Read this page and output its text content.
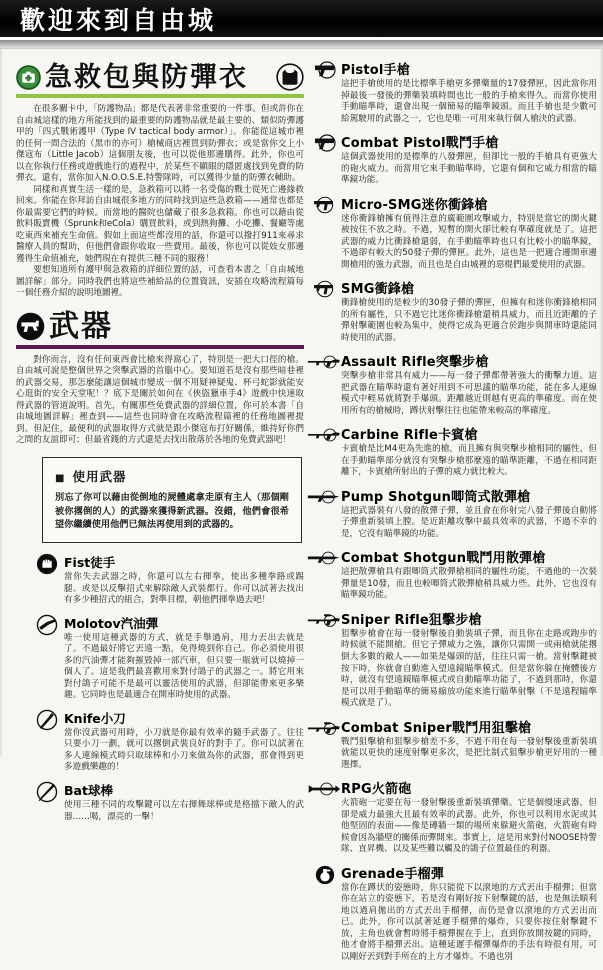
歡迎來到自由城
急救包與防彈衣

在很多關卡中，「防護物品」都是代表著非常重要的一件事。但或許你在自由城這樣的地方所能找到的最重要的防護物品就是最主要的、類似防彈護甲的「四式戰術護甲（Type IV tactical body armor）」。你能從這城市裡的任何一間合法的（黑市的亦可）槍械商店裡買到防彈衣；或是當你交上小傑寇布（Little Jacob）這個朋友後，也可以從他那邊購得。此外，你也可以在你執行任務或遊戲進行的過程中，於某些不顯眼的隱匿處找到免費的防彈衣。還有，當你加入N.O.O.S.E.特警隊時，可以獲得少量的防彈衣輔助。

同樣和真實生活一樣的是，急救箱可以將一名受傷的戰士從死亡邊緣救回來。你能在你拜訪自由城很多地方的同時找到這些急救箱——通常也都是你最需要它們的時候。而當地的醫院也儲藏了很多急救箱。你也可以藉由從飲料販賣機（Sprunk和eCola）購買飲料，或到熱狗攤、小吃攤、餐廳等處吃東西來補充生命值。假如上面這些都沒用的話，你還可以撥打911來尋求醫療人員的幫助，但他們會跟你收取一些費用。最後，你也可以從妓女那邊獲得生命值補充，她們現在有提供三種不同的服務！

要想知道所有護甲與急救箱的詳細位置的話，可查看本書之「自由城地圖詳解」部分。同時我們也將這些補給品的位置資訊，安插在攻略流程篇每一個任務介紹的說明地圖裡。

武器

對你而言，沒有任何東西會比槍來得窩心了，特別是一把大口徑的槍。自由城可說是整個世界之突擊武器的首腦中心。要知道若是沒有那些暗巷裡的武器交易，那怎麼能讓這個城市變成一個不用疑神疑鬼、杯弓蛇影就能安心逛街的安全天堂呢！？底下是關於如何在《俠盜獵車手4》遊戲中快速取得武器的管道說明。首先，有關那些免費武器的詳細位置，你可於本書「自由城地圖詳解」裡查到——這些也同時會在攻略流程篇裡的任務地圖裡提到。但記住，最便利的武器取得方式就是跟小傑寇布打好關係，維持好你們之間的友誼即可；但最省錢的方式還是去找出散落於各地的免費武器吧！

■ 使用武器

別忘了你可以藉由從倒地的屍體處拿走原有主人（那個剛被你撂倒的人）的武器來獲得新武器。沒錯，他們會很希望你繼續使用他們已無法再使用到的武器的。

Fist徒手

當你失去武器之時，你還可以左右揮拳，使出多種拳路或踢腿、或是以反擊招式來解除敵人武裝都行。你可以試著去找出有多少種招式的組合，對準目標，朝他們揮拳過去吧！

Molotov汽油彈

唯一使用這種武器的方式，就是手舉過肩，用力丟出去就是了。不過最好將它丟遠一點，免得燒到你自己。你必須使用很多的汽油彈才能夠摧毀掉一部汽車，但只要一瓶就可以燒掉一個人了。這是我們最喜歡用來對付鴿子的武器之一。將它用來對付鴿子可能不是最可以靈活使用的武器，但卻能帶來更多樂趣。它同時也是最適合在開車時使用的武器。

Knife小刀

當你沒武器可用時，小刀就是你最有效率的隨手武器了。往往只要小刀一劃，就可以撂倒武裝良好的對手了。你可以試著在多人連線模式時只取球棒和小刀來做為你的武器，那會得到更多遊戲樂趣的！

Bat球棒

使用三種不同的攻擊鍵可以左右揮舞球棒或是格擋下敵人的武器……喝，漂亮的一擊！

Pistol手槍

這把手槍使用的是比標準手槍更多彈藥量的17發彈匣，因此當你用掉最後一發後的彈藥裝填時間也比一般的手槍來得久。而當你使用手動瞄準時，還會出現一個簡易的瞄準鏡頭。而且手槍也是少數可給駕駛用的武器之一，它也是唯一可用來執行個人槍決的武器。

Combat Pistol戰鬥手槍

這個武器使用的是標準的八發彈匣，但卻比一般的手槍具有更強大的砲火威力。而當用它來手動瞄準時，它還有個和它威力相當的瞄準鏡功能。

Micro-SMG迷你衝鋒槍

迷你衝鋒槍擁有值得注意的廣範圍攻擊威力，特別是當它的開火鍵被按住不放之時。不過，短暫的開火卻比較有準確度就是了。這把武器的威力比衝鋒槍還弱，在手動瞄準時也只有比較小的瞄準鏡，不過卻有較大的50發子彈的彈匣。此外，這也是一把適合邊開車邊開槍用的強力武器，而且也是自由城裡的惡棍們最愛使用的武器。

SMG衝鋒槍

衝鋒槍使用的是較少的30發子彈的彈匣，但擁有和迷你衝鋒槍相同的所有屬性，只不過它比迷你衝鋒槍還稍具威力，而且近距離的子彈射擊範圍也較為集中，使得它成為更適合於跑步與開車時還能同時使用的武器。

Assault Rifle突擊步槍

突擊步槍非常具有威力——每一發子彈都帶著強大的衝擊力道。這把武器在瞄準時還有著好用到不可思議的瞄準功能，能在多人連線模式中輕易就將對手爆頭。距離越近則越有更高的準確度。而在使用所有的槍械時，蹲伏射擊往往也能帶來較高的準確度。

Carbine Rifle卡賓槍

卡賓槍是比M4更為先進的槍，而且擁有與突擊步槍相同的屬性，但在手動瞄準部分就沒有突擊步槍那麼遠的瞄準距離，不過在相同距離下，卡賓槍所射出的子彈的威力就比較大。

Pump Shotgun唧筒式散彈槍

這把武器裝有八發的散彈子彈，並且會在你射完八發子彈後自動將子彈重新裝填上膛。是近距離攻擊中最具效率的武器，不過不幸的是，它沒有瞄準鏡的功能。

Combat Shotgun戰鬥用散彈槍

這把散彈槍具有跟唧筒式散彈槍相同的屬性功能，不過他的一次裝彈量是10發，而且也較唧筒式散彈槍稍具威力些。此外，它也沒有瞄準鏡功能。

Sniper Rifle狙擊步槍

狙擊步槍會在每一發射擊後自動裝填子彈，而且你在走路或跑步的時候就不能開槍。但它子彈威力之強，讓你只需開一或兩槍就能撂倒大多數的敵人——如果是爆頭的話，往往只需一槍。當射擊鍵被按下時，你就會自動進入望遠鏡瞄準模式。但是當你躲在掩體後方時，就沒有望遠鏡瞄準模式或自動瞄準功能了，不過到那時，你還是可以用手動瞄準的簡易縮放功能來進行瞄準射擊（不是遠程瞄準模式就是了）。

Combat Sniper戰鬥用狙擊槍

戰鬥狙擊槍和狙擊步槍差不多，不過不用在每一發射擊後重新裝填就能以更快的速度射擊更多次，是把比制式狙擊步槍更好用的一種選擇。

RPG火箭砲

火箭砲一定要在每一發射擊後重新裝填彈藥。它是個慢速武器，但卻是威力最強大且最有效率的武器。此外，你也可以利用水泥或其他堅固的表面——像是磚牆一類的場所來躲避火箭砲，火箭砲有時候會因為牆壁的關係而彈開來。事實上，這是用來對付NOOSE特警隊、直昇機、以及某些難以觸及的鴿子位置最佳的利器。

Grenade手榴彈

當你在蹲伏的姿態時，你只能從下以滾地的方式丟出手榴彈；但當你在站立的姿態下，若是沒有剛好按下射擊鍵的話，也是無法順利地以過肩拋出的方式丟出手榴彈，而仍是會以滾地的方式丟出而已。此外，你可以試著延遲手榴彈的爆炸，只要你按住射擊鍵不放，主角也就會暫時將手榴彈握在手上，直到你放開按鍵的同時，他才會將手榴彈丟出。這種延遲手榴彈爆炸的手法有時很有用，可以剛好丟到對手所在的上方才爆炸。不過也別
